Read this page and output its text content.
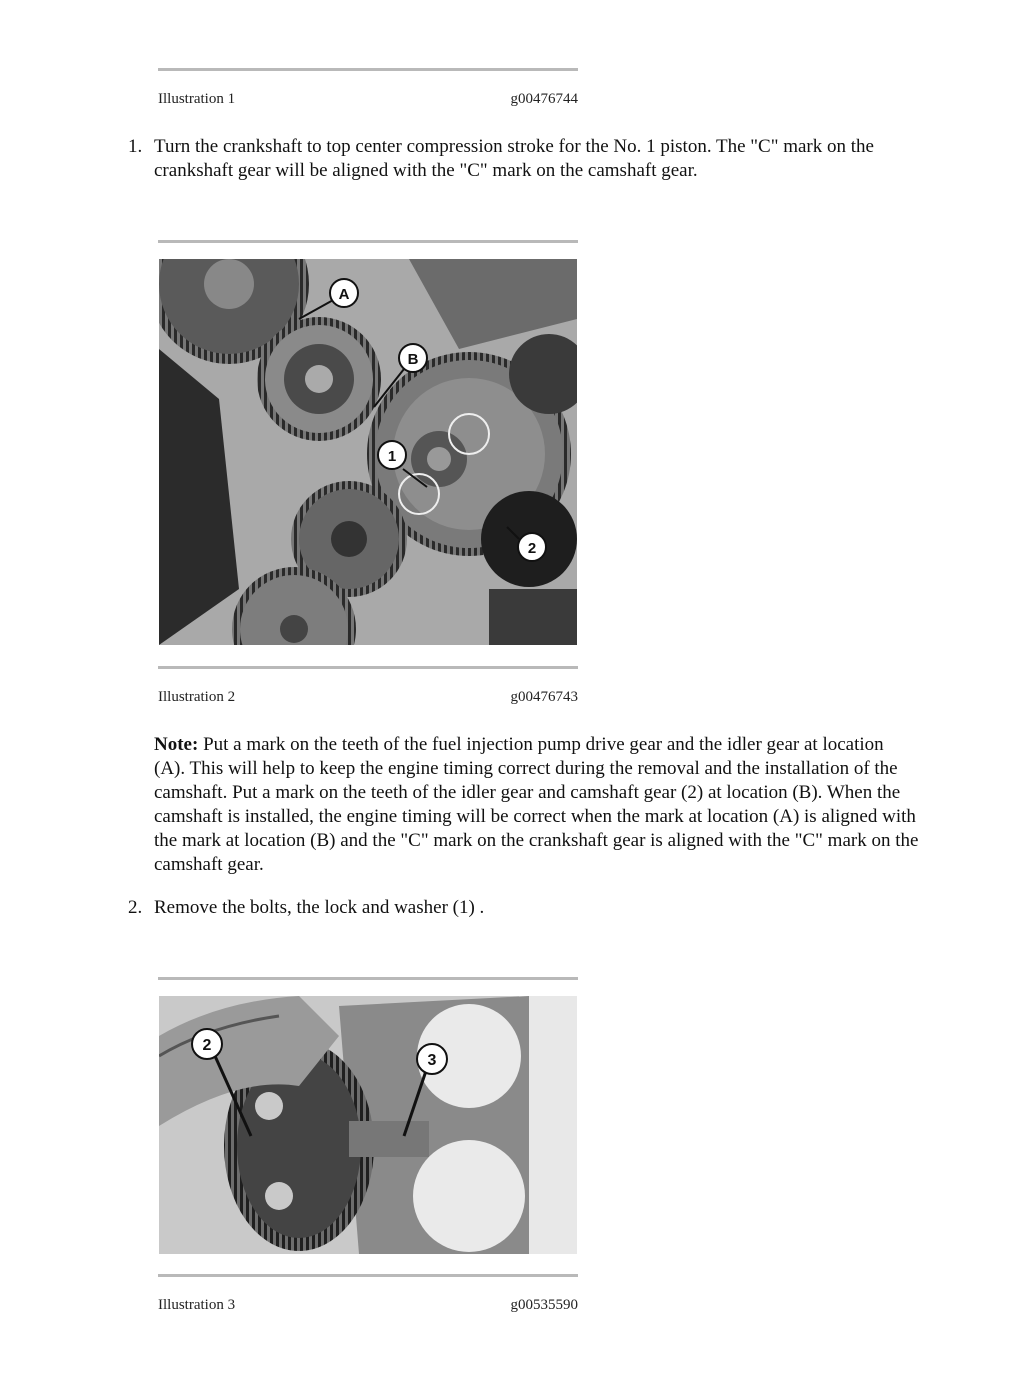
Illustration 1	g00476744
1. Turn the crankshaft to top center compression stroke for the No. 1 piston. The "C" mark on the crankshaft gear will be aligned with the "C" mark on the camshaft gear.
A
B
1
2
Illustration 2	g00476743
Note: Put a mark on the teeth of the fuel injection pump drive gear and the idler gear at location (A). This will help to keep the engine timing correct during the removal and the installation of the camshaft. Put a mark on the teeth of the idler gear and camshaft gear (2) at location (B). When the camshaft is installed, the engine timing will be correct when the mark at location (A) is aligned with the mark at location (B) and the "C" mark on the crankshaft gear is aligned with the "C" mark on the camshaft gear.
2. Remove the bolts, the lock and washer (1) .
2
3
Illustration 3	g00535590
